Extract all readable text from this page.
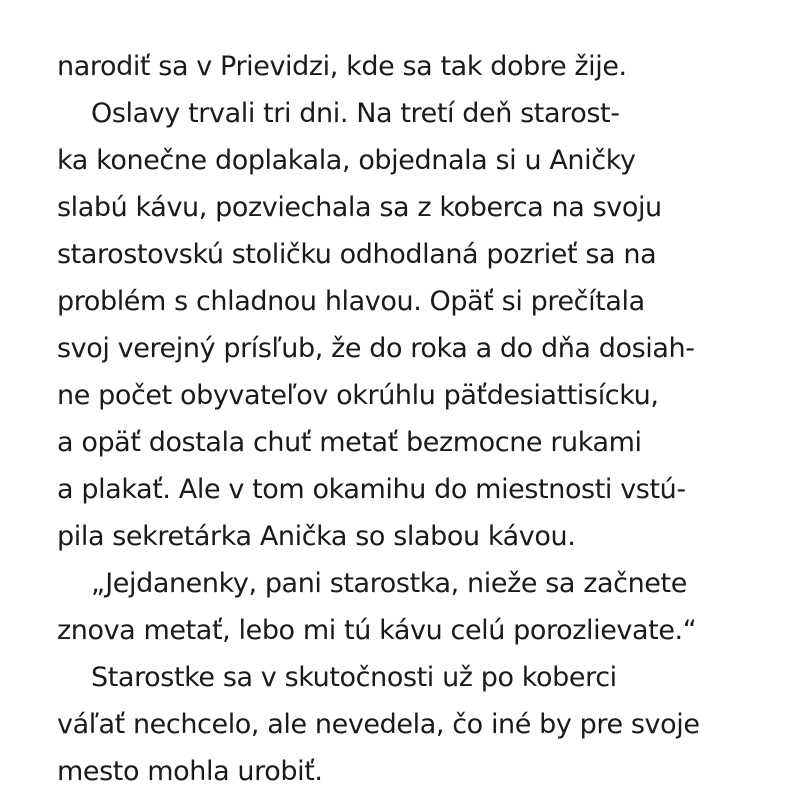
narodiť sa v Prievidzi, kde sa tak dobre žije.
Oslavy trvali tri dni. Na tretí deň starost-
ka konečne doplakala, objednala si u Aničky
slabú kávu, pozviechala sa z koberca na svoju
starostovskú stoličku odhodlaná pozrieť sa na
problém s chladnou hlavou. Opäť si prečítala
svoj verejný prísľub, že do roka a do dňa dosiah-
ne počet obyvateľov okrúhlu päťdesiattisícku,
a opäť dostala chuť metať bezmocne rukami
a plakať. Ale v tom okamihu do miestnosti vstú-
pila sekretárka Anička so slabou kávou.
„Jejdanenky, pani starostka, nieže sa začnete
znova metať, lebo mi tú kávu celú porozlievate.“
Starostke sa v skutočnosti už po koberci
váľať nechcelo, ale nevedela, čo iné by pre svoje
mesto mohla urobiť.
